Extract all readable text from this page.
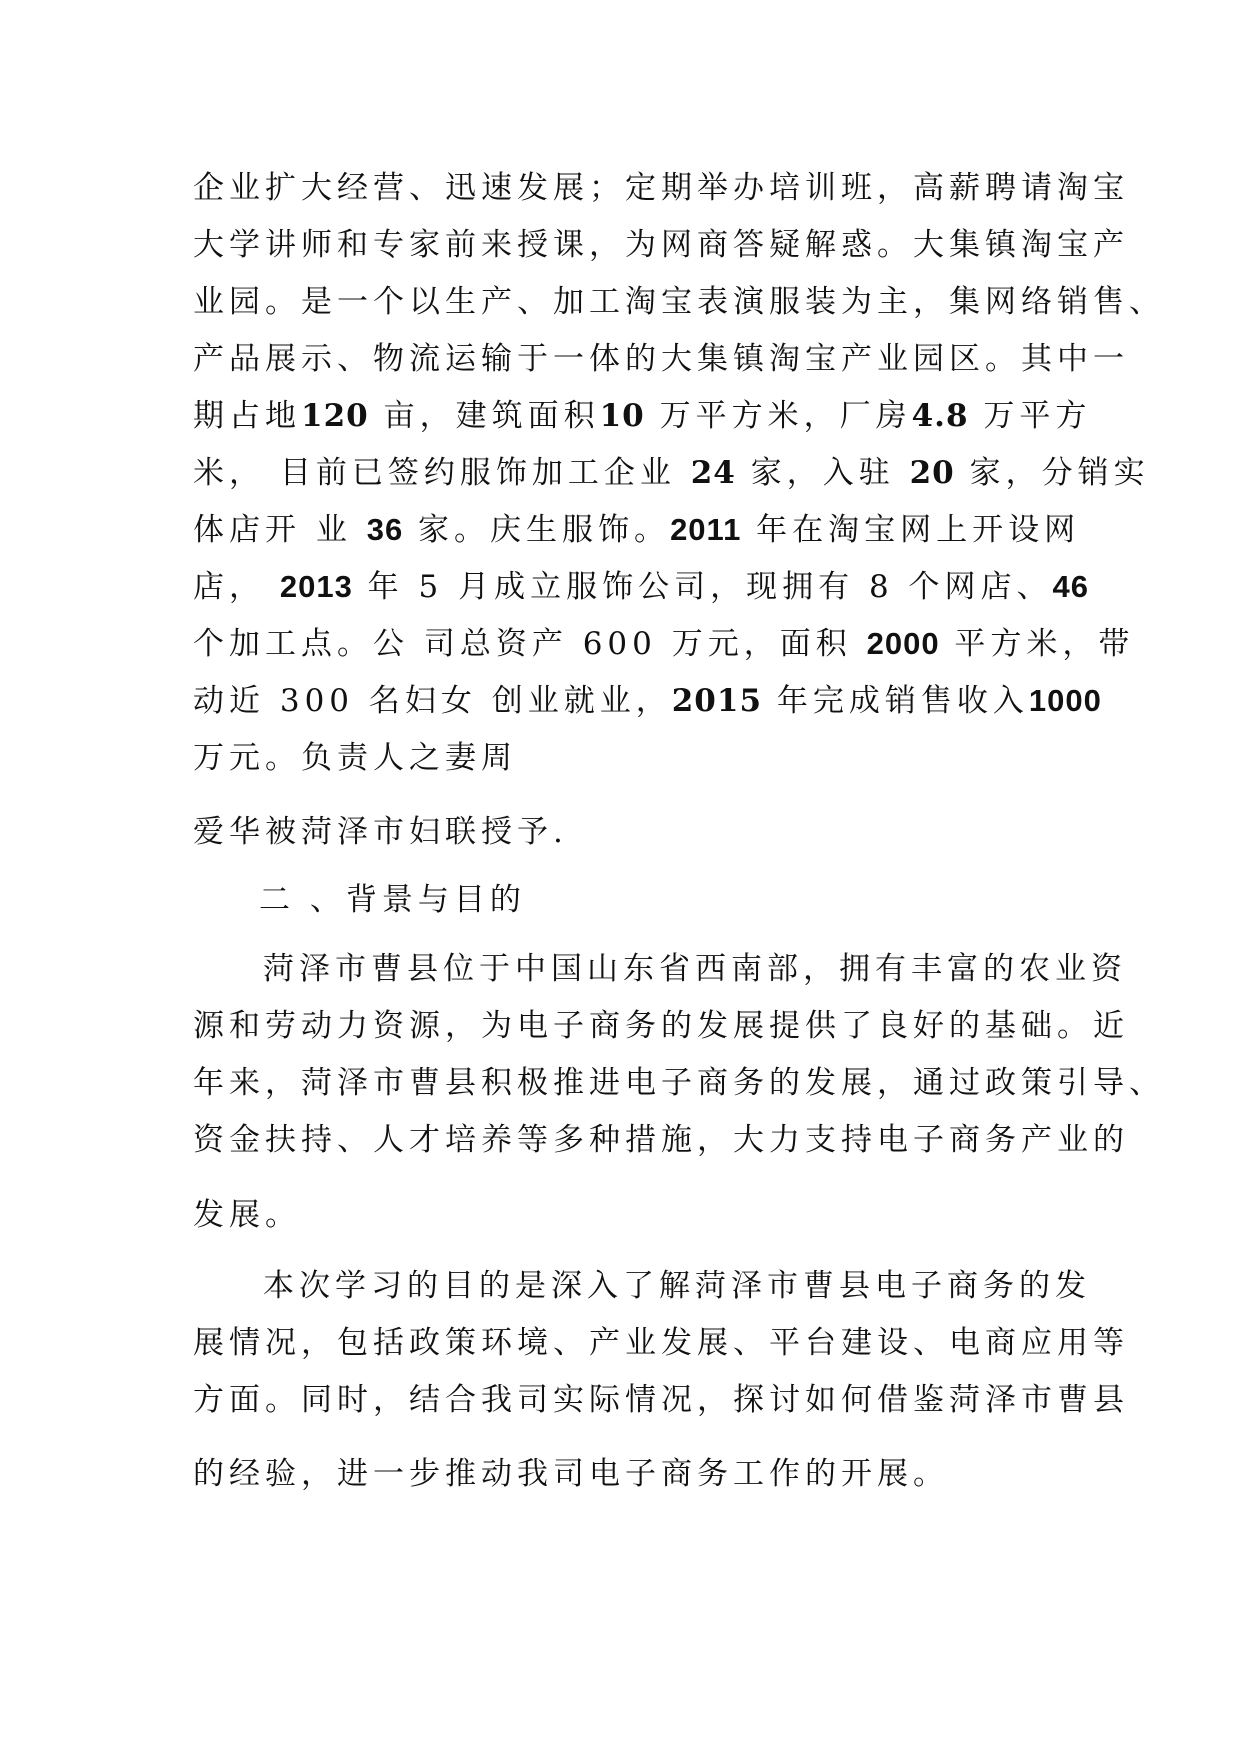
企业扩大经营、迅速发展；定期举办培训班，高薪聘请淘宝
大学讲师和专家前来授课，为网商答疑解惑。大集镇淘宝产
业园。是一个以生产、加工淘宝表演服装为主，集网络销售、
产品展示、物流运输于一体的大集镇淘宝产业园区。其中一
期占地120 亩，建筑面积10 万平方米，厂房4.8 万平方
米， 目前已签约服饰加工企业 24 家，入驻 20 家，分销实
体店开 业 36 家。庆生服饰。2011 年在淘宝网上开设网
店， 2013 年 5 月成立服饰公司，现拥有 8 个网店、46
个加工点。公 司总资产 600 万元，面积 2000 平方米，带
动近 300 名妇女 创业就业，2015 年完成销售收入1000
万元。负责人之妻周
爱华被菏泽市妇联授予.
二 、背景与目的
菏泽市曹县位于中国山东省西南部，拥有丰富的农业资
源和劳动力资源，为电子商务的发展提供了良好的基础。近
年来，菏泽市曹县积极推进电子商务的发展，通过政策引导、
资金扶持、人才培养等多种措施，大力支持电子商务产业的
发展。
本次学习的目的是深入了解菏泽市曹县电子商务的发
展情况，包括政策环境、产业发展、平台建设、电商应用等
方面。同时，结合我司实际情况，探讨如何借鉴菏泽市曹县
的经验，进一步推动我司电子商务工作的开展。
